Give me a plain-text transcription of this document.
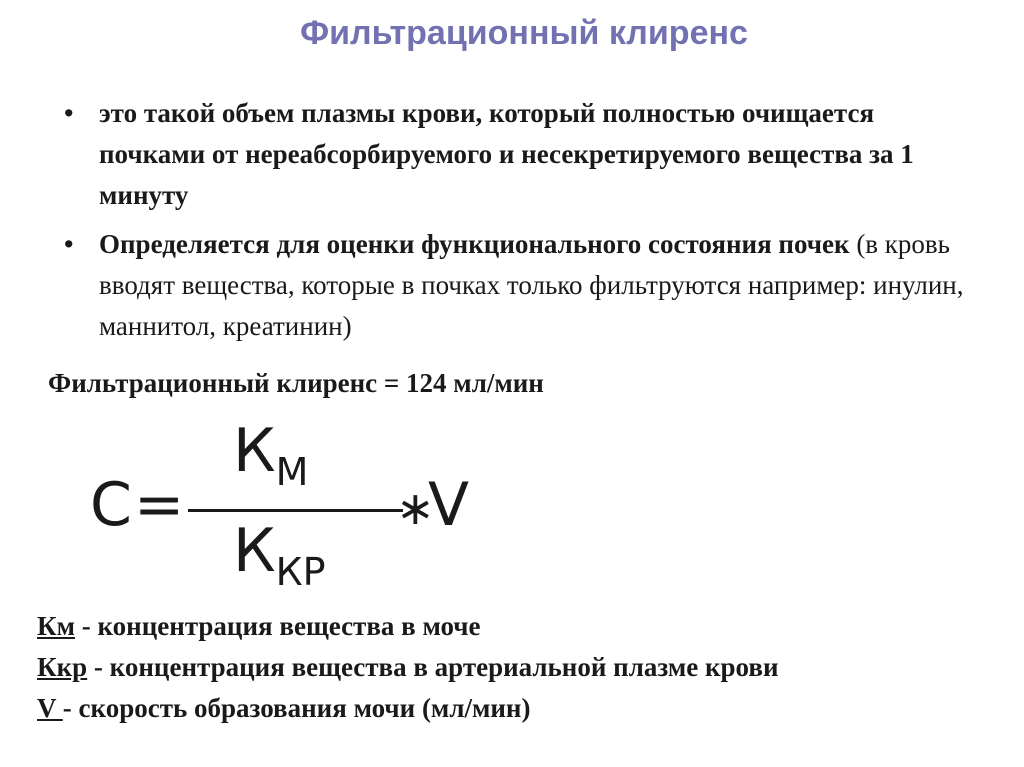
Фильтрационный клиренс
• это такой объем плазмы крови, который полностью очищается почками от нереабсорбируемого и несекретируемого вещества за 1 минуту
• Определяется для оценки функционального состояния почек (в кровь вводят вещества, которые в почках только фильтруются например: инулин, маннитол, креатинин)
Фильтрационный клиренс = 124 мл/мин
C =
$К_М$
$К_{КР}$
∗
V
Км - концентрация вещества в моче
Ккр - концентрация вещества в артериальной плазме крови
V - скорость образования мочи (мл/мин)
